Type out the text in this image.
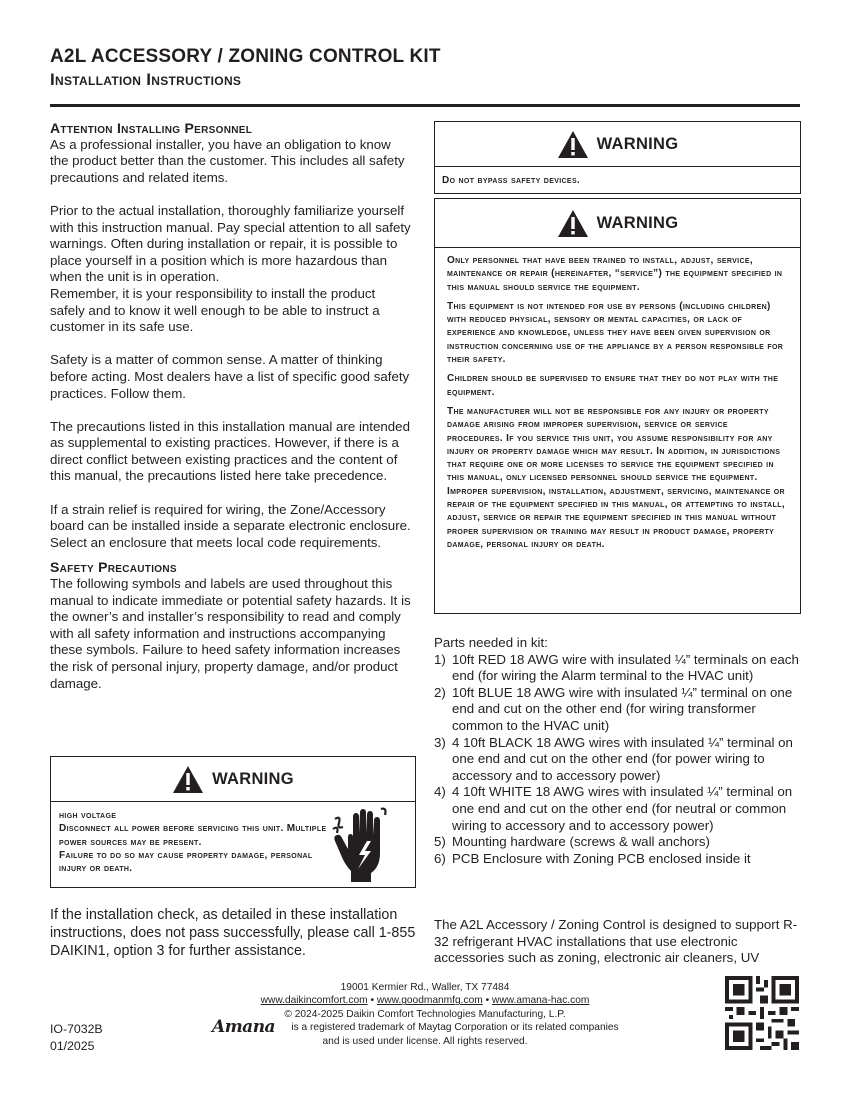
A2L ACCESSORY / ZONING CONTROL KIT
Installation Instructions
Attention Installing Personnel

As a professional installer, you have an obligation to know the product better than the customer. This includes all safety precautions and related items.

Prior to the actual installation, thoroughly familiarize yourself with this instruction manual. Pay special attention to all safety warnings. Often during installation or repair, it is possible to place yourself in a position which is more hazardous than when the unit is in operation.

Remember, it is your responsibility to install the product safely and to know it well enough to be able to instruct a customer in its safe use.

Safety is a matter of common sense. A matter of thinking before acting. Most dealers have a list of specific good safety practices. Follow them.

The precautions listed in this installation manual are intended as supplemental to existing practices. However, if there is a direct conflict between existing practices and the content of this manual, the precautions listed here take precedence.

If a strain relief is required for wiring, the Zone/Accessory board can be installed inside a separate electronic enclosure. Select an enclosure that meets local code requirements.

Safety Precautions

The following symbols and labels are used throughout this manual to indicate immediate or potential safety hazards. It is the owner’s and installer’s responsibility to read and comply with all safety information and instructions accompanying these symbols. Failure to heed safety information increases the risk of personal injury, property damage, and/or product damage.

WARNING
Do not bypass safety devices.
WARNING

Only personnel that have been trained to install, adjust, service, maintenance or repair (hereinafter, “service”) the equipment specified in this manual should service the equipment.

This equipment is not intended for use by persons (including children) with reduced physical, sensory or mental capacities, or lack of experience and knowledge, unless they have been given supervision or instruction concerning use of the appliance by a person responsible for their safety.

Children should be supervised to ensure that they do not play with the equipment.

The manufacturer will not be responsible for any injury or property damage arising from improper supervision, service or service procedures. If you service this unit, you assume responsibility for any injury or property damage which may result. In addition, in jurisdictions that require one or more licenses to service the equipment specified in this manual, only licensed personnel should service the equipment. Improper supervision, installation, adjustment, servicing, maintenance or repair of the equipment specified in this manual, or attempting to install, adjust, service or repair the equipment specified in this manual without proper supervision or training may result in product damage, property damage, personal injury or death.

WARNING
high voltage
Disconnect all power before servicing this unit. Multiple power sources may be present.
Failure to do so may cause property damage, personal injury or death.
Parts needed in kit:
1) 10ft RED 18 AWG wire with insulated ¼” terminals on each end (for wiring the Alarm terminal to the HVAC unit)
2) 10ft BLUE 18 AWG wire with insulated ¼” terminal on one end and cut on the other end (for wiring transformer common to the HVAC unit)
3) 4 10ft BLACK 18 AWG wires with insulated ¼” terminal on one end and cut on the other end (for power wiring to accessory and to accessory power)
4) 4 10ft WHITE 18 AWG wires with insulated ¼” terminal on one end and cut on the other end (for neutral or common wiring to accessory and to accessory power)
5) Mounting hardware (screws & wall anchors)
6) PCB Enclosure with Zoning PCB enclosed inside it
If the installation check, as detailed in these installation instructions, does not pass successfully, please call 1-855 DAIKIN1, option 3 for further assistance.
The A2L Accessory / Zoning Control is designed to support R-32 refrigerant HVAC installations that use electronic accessories such as zoning, electronic air cleaners, UV
19001 Kermier Rd., Waller, TX 77484
www.daikincomfort.com • www.goodmanmfg.com • www.amana-hac.com
© 2024-2025 Daikin Comfort Technologies Manufacturing, L.P.
is a registered trademark of Maytag Corporation or its related companies
and is used under license. All rights reserved.
Amana
IO-7032B
01/2025
